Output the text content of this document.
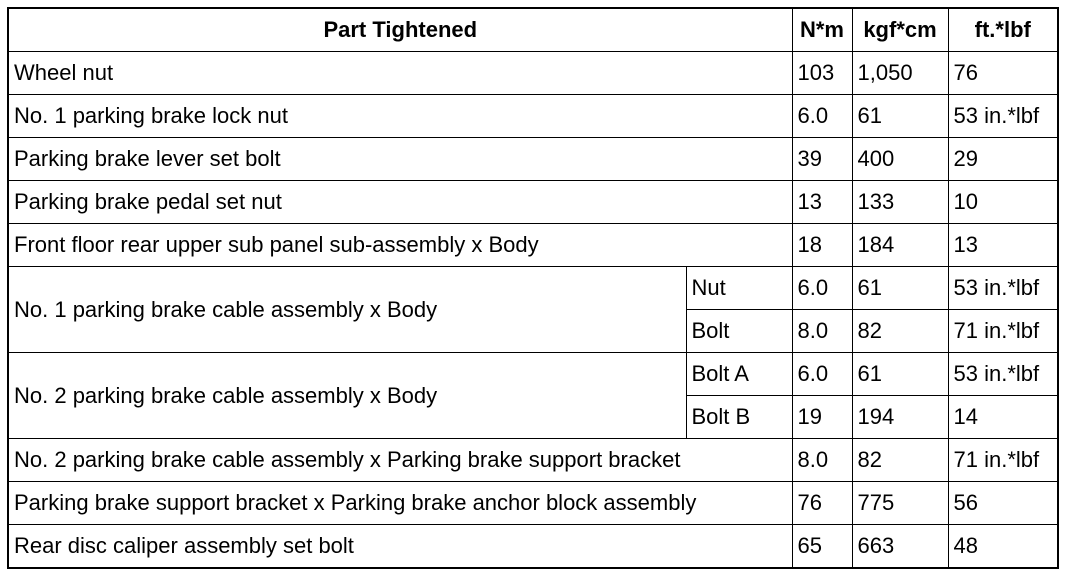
Part Tightened		N*m	kgf*cm	ft.*lbf
Wheel nut		103	1,050	76
No. 1 parking brake lock nut		6.0	61	53 in.*lbf
Parking brake lever set bolt		39	400	29
Parking brake pedal set nut		13	133	10
Front floor rear upper sub panel sub-assembly x Body		18	184	13
No. 1 parking brake cable assembly x Body	Nut	6.0	61	53 in.*lbf
	Bolt	8.0	82	71 in.*lbf
No. 2 parking brake cable assembly x Body	Bolt A	6.0	61	53 in.*lbf
	Bolt B	19	194	14
No. 2 parking brake cable assembly x Parking brake support bracket		8.0	82	71 in.*lbf
Parking brake support bracket x Parking brake anchor block assembly		76	775	56
Rear disc caliper assembly set bolt		65	663	48
